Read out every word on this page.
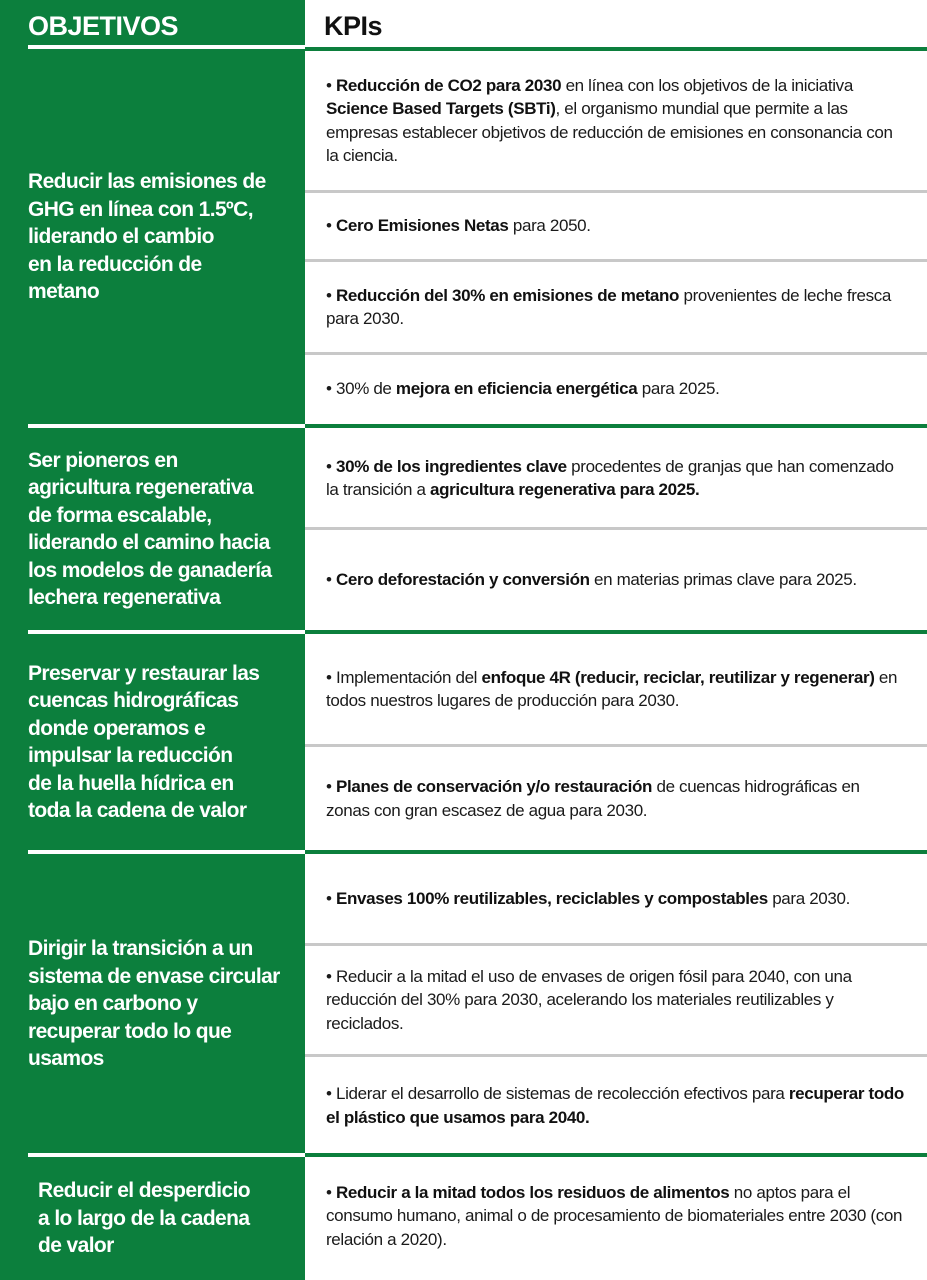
OBJETIVOS	KPIs
Reducir las emisiones de
GHG en línea con 1.5ºC,
liderando el cambio
en la reducción de
metano
• Reducción de CO2 para 2030 en línea con los objetivos de la iniciativa Science Based Targets (SBTi), el organismo mundial que permite a las empresas establecer objetivos de reducción de emisiones en consonancia con la ciencia.
• Cero Emisiones Netas para 2050.
• Reducción del 30% en emisiones de metano provenientes de leche fresca para 2030.
• 30% de mejora en eficiencia energética para 2025.
Ser pioneros en
agricultura regenerativa
de forma escalable,
liderando el camino hacia
los modelos de ganadería
lechera regenerativa
• 30% de los ingredientes clave procedentes de granjas que han comenzado la transición a agricultura regenerativa para 2025.
• Cero deforestación y conversión en materias primas clave para 2025.
Preservar y restaurar las
cuencas hidrográficas
donde operamos e
impulsar la reducción
de la huella hídrica en
toda la cadena de valor
• Implementación del enfoque 4R (reducir, reciclar, reutilizar y regenerar) en todos nuestros lugares de producción para 2030.
• Planes de conservación y/o restauración de cuencas hidrográficas en zonas con gran escasez de agua para 2030.
Dirigir la transición a un
sistema de envase circular
bajo en carbono y
recuperar todo lo que
usamos
• Envases 100% reutilizables, reciclables y compostables para 2030.
• Reducir a la mitad el uso de envases de origen fósil para 2040, con una reducción del 30% para 2030, acelerando los materiales reutilizables y reciclados.
• Liderar el desarrollo de sistemas de recolección efectivos para recuperar todo el plástico que usamos para 2040.
Reducir el desperdicio
a lo largo de la cadena
de valor
• Reducir a la mitad todos los residuos de alimentos no aptos para el consumo humano, animal o de procesamiento de biomateriales entre 2030 (con relación a 2020).
